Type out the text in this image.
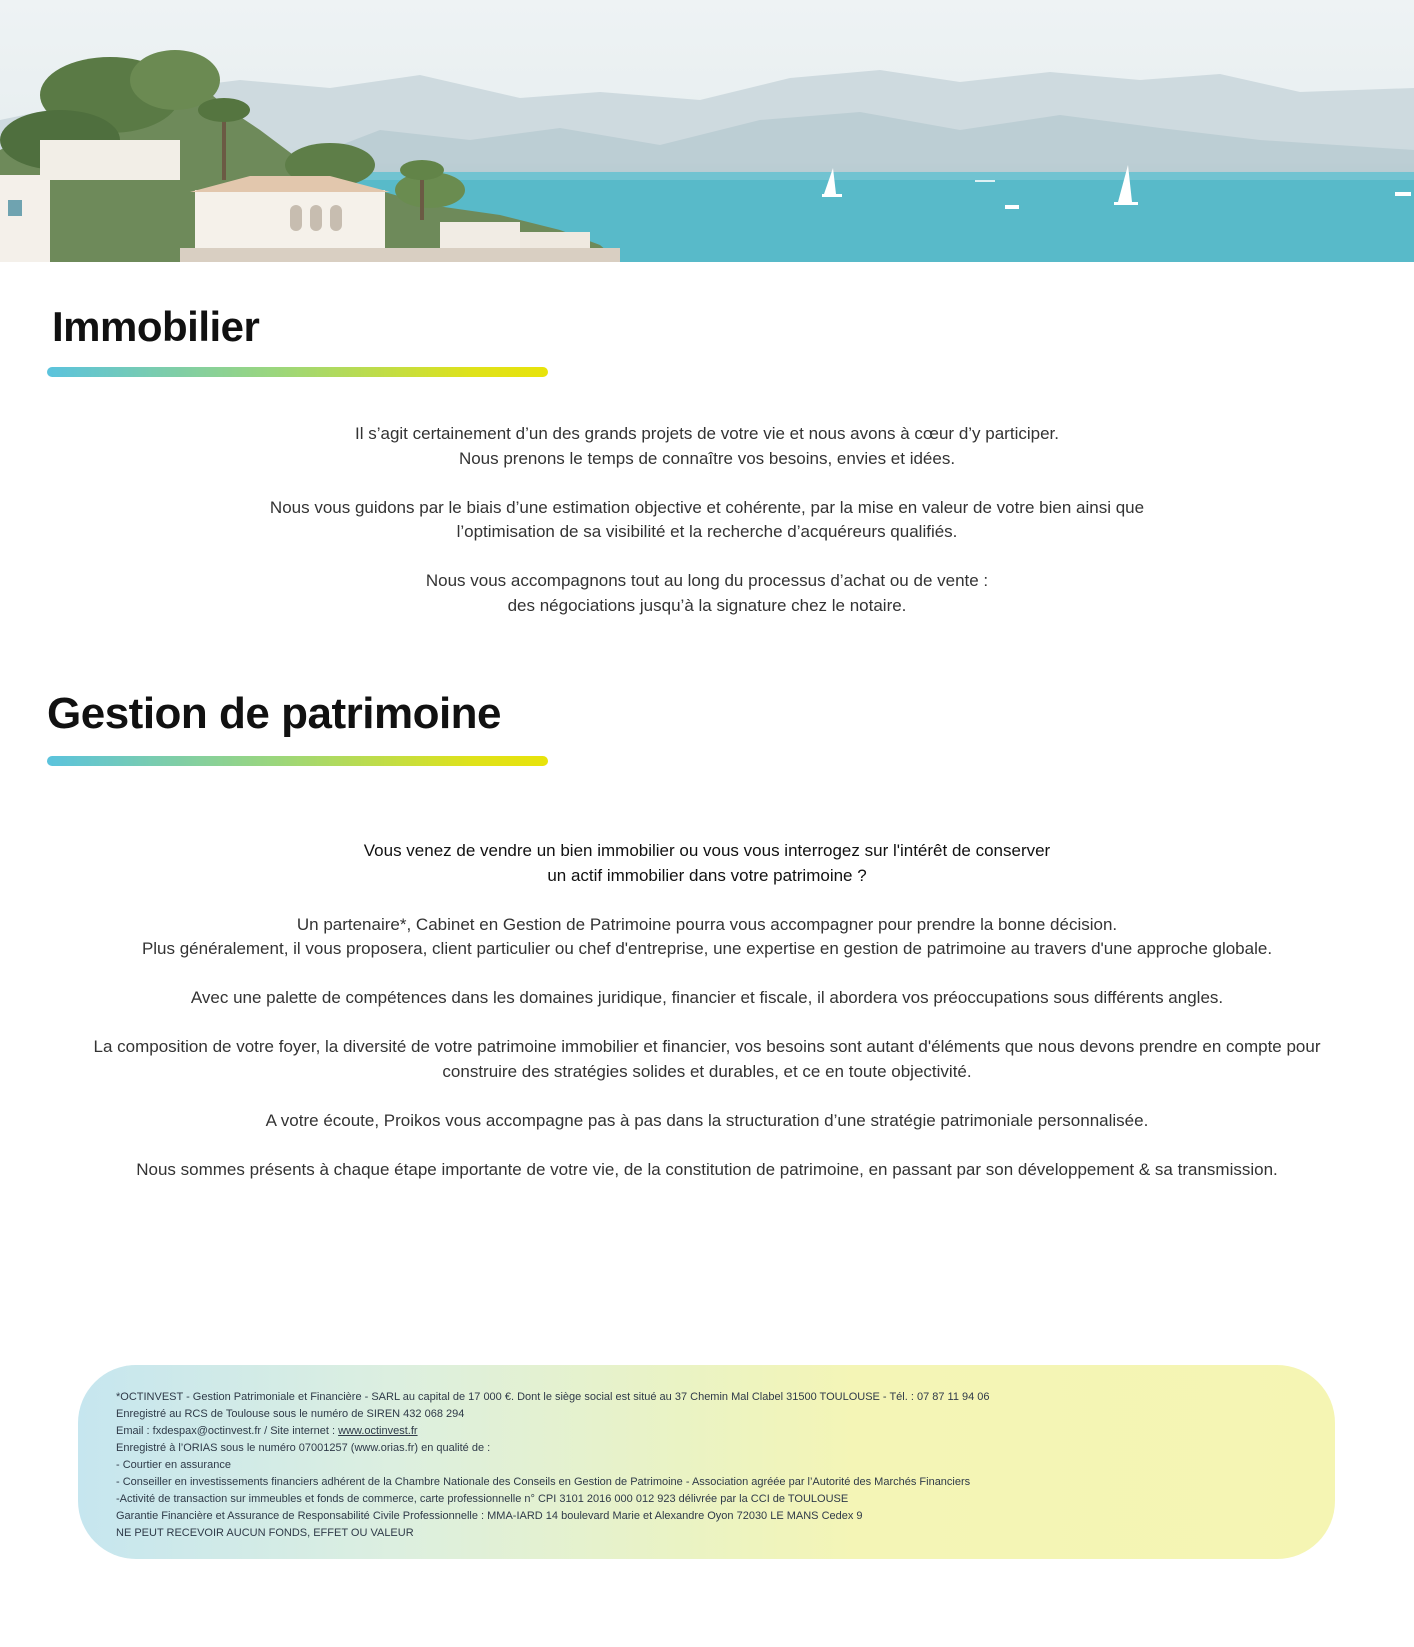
Immobilier

Il s’agit certainement d’un des grands projets de votre vie et nous avons à cœur d’y participer.
Nous prenons le temps de connaître vos besoins, envies et idées.

Nous vous guidons par le biais d’une estimation objective et cohérente, par la mise en valeur de votre bien ainsi que
l’optimisation de sa visibilité et la recherche d’acquéreurs qualifiés.

Nous vous accompagnons tout au long du processus d’achat ou de vente :
des négociations jusqu’à la signature chez le notaire.

Gestion de patrimoine

Vous venez de vendre un bien immobilier ou vous vous interrogez sur l'intérêt de conserver
un actif immobilier dans votre patrimoine ?

Un partenaire*, Cabinet en Gestion de Patrimoine pourra vous accompagner pour prendre la bonne décision.
Plus généralement, il vous proposera, client particulier ou chef d'entreprise, une expertise en gestion de patrimoine au travers d'une approche globale.

Avec une palette de compétences dans les domaines juridique, financier et fiscale, il abordera vos préoccupations sous différents angles.

La composition de votre foyer, la diversité de votre patrimoine immobilier et financier, vos besoins sont autant d'éléments que nous devons prendre en compte pour
construire des stratégies solides et durables, et ce en toute objectivité.

A votre écoute, Proikos vous accompagne pas à pas dans la structuration d’une stratégie patrimoniale personnalisée.

Nous sommes présents à chaque étape importante de votre vie, de la constitution de patrimoine, en passant par son développement & sa transmission.

*OCTINVEST - Gestion Patrimoniale et Financière - SARL au capital de 17 000 €. Dont le siège social est situé au 37 Chemin Mal Clabel 31500 TOULOUSE - Tél. : 07 87 11 94 06
Enregistré au RCS de Toulouse sous le numéro de SIREN 432 068 294
Email : fxdespax@octinvest.fr / Site internet : www.octinvest.fr
Enregistré à l’ORIAS sous le numéro 07001257 (www.orias.fr) en qualité de :
- Courtier en assurance
- Conseiller en investissements financiers adhérent de la Chambre Nationale des Conseils en Gestion de Patrimoine - Association agréée par l’Autorité des Marchés Financiers
-Activité de transaction sur immeubles et fonds de commerce, carte professionnelle n° CPI 3101 2016 000 012 923 délivrée par la CCI de TOULOUSE
Garantie Financière et Assurance de Responsabilité Civile Professionnelle : MMA-IARD 14 boulevard Marie et Alexandre Oyon 72030 LE MANS Cedex 9
NE PEUT RECEVOIR AUCUN FONDS, EFFET OU VALEUR
